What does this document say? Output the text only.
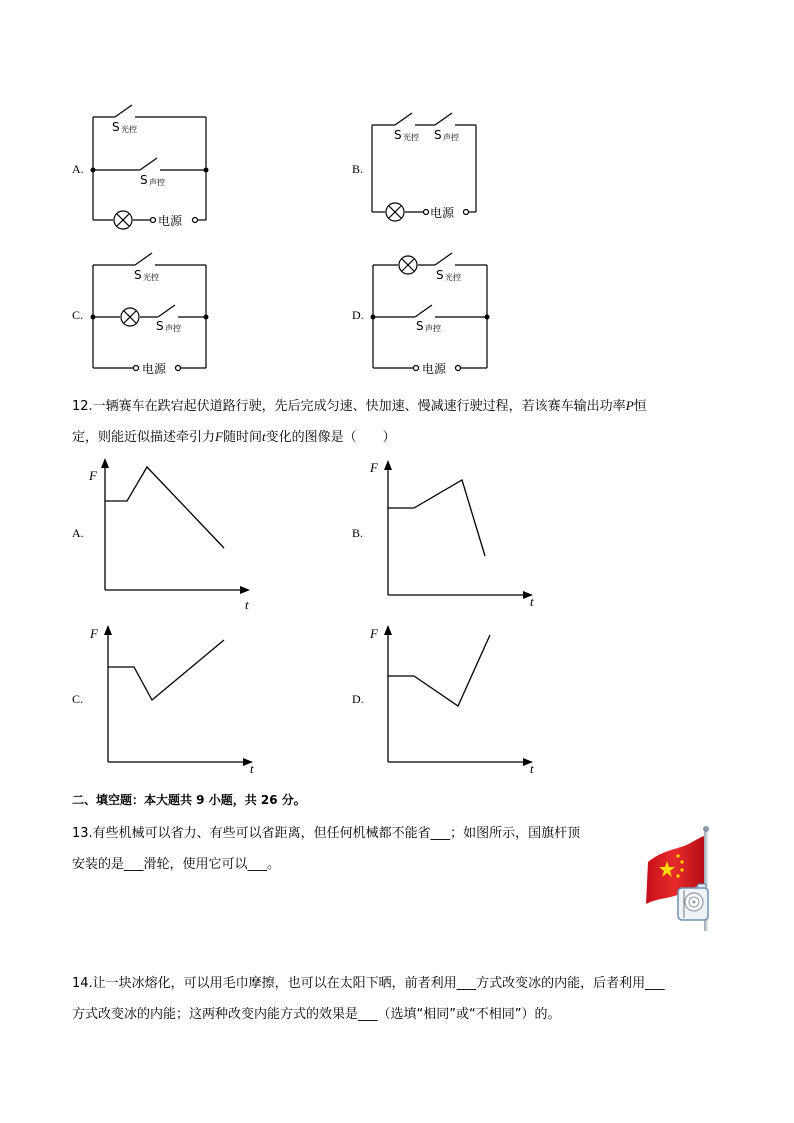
A.
S 光控
S 声控
电源
B.
S 光控 S 声控
电源
C.
S 光控
S 声控
电源
D.
S 光控
S 声控
电源
12.一辆赛车在跌宕起伏道路行驶，先后完成匀速、快加速、慢减速行驶过程，若该赛车输出功率P恒
定，则能近似描述牵引力F随时间t变化的图像是（　　）
A.
F
t
B.
F
t
C.
F
t
D.
F
t
二、填空题：本大题共 9 小题，共 26 分。
13.有些机械可以省力、有些可以省距离，但任何机械都不能省___；如图所示，国旗杆顶
安装的是___滑轮，使用它可以___。
14.让一块冰熔化，可以用毛巾摩擦，也可以在太阳下晒，前者利用___方式改变冰的内能，后者利用___
方式改变冰的内能；这两种改变内能方式的效果是___（选填“相同”或“不相同”）的。
